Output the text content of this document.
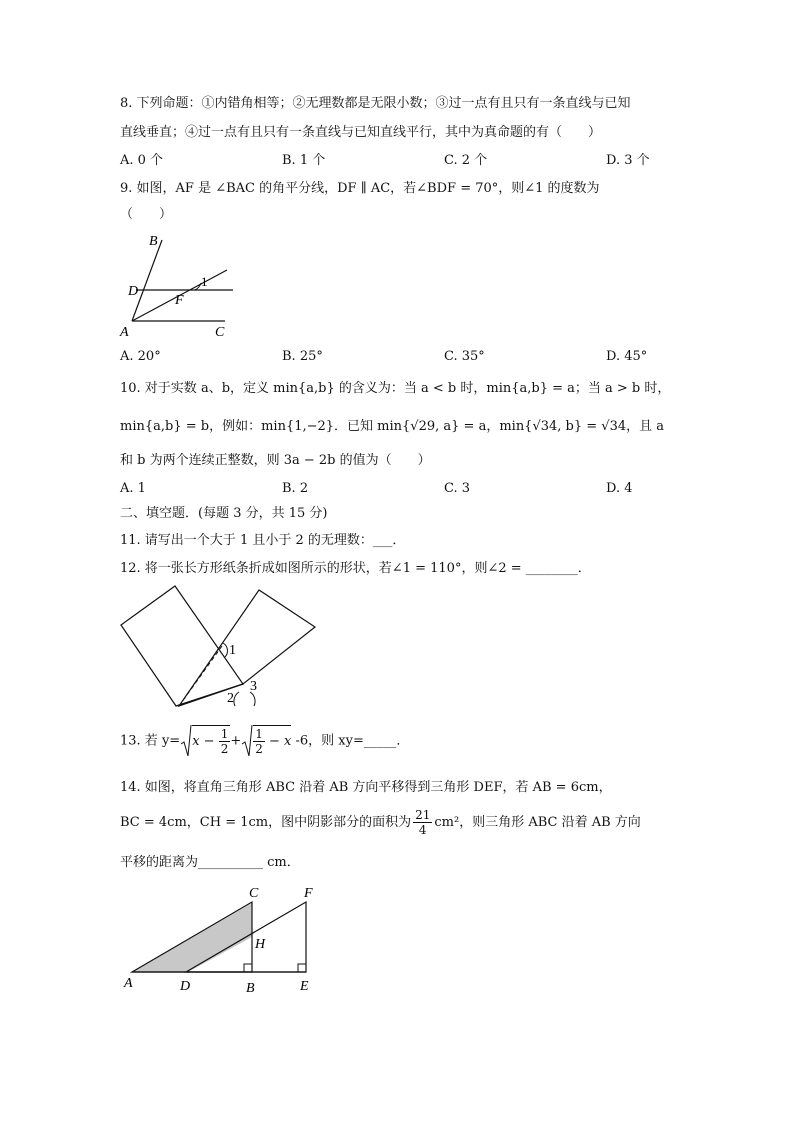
8. 下列命题：①内错角相等；②无理数都是无限小数；③过一点有且只有一条直线与已知
直线垂直；④过一点有且只有一条直线与已知直线平行，其中为真命题的有（　　）
A. 0 个	B. 1 个	C. 2 个	D. 3 个
9. 如图，AF 是 ∠BAC 的角平分线，DF ∥ AC，若∠BDF = 70°，则∠1 的度数为
（　　）
B
D
F
A	C
1
A. 20°	B. 25°	C. 35°	D. 45°
10. 对于实数 a、b，定义 min{a,b} 的含义为：当 a < b 时，min{a,b} = a；当 a > b 时，
min{a,b} = b，例如：min{1,−2}．已知 min{√29, a} = a，min{√34, b} = √34，且 a
和 b 为两个连续正整数，则 3a − 2b 的值为（　　）
A. 1	B. 2	C. 3	D. 4
二、填空题．(每题 3 分，共 15 分)
11. 请写出一个大于 1 且小于 2 的无理数：___．
12. 将一张长方形纸条折成如图所示的形状，若∠1 = 110°，则∠2 = ________．
1
2
3
13. 若 $y= x - \frac{1}{2} + \frac{1}{2} - x$ -6，则 xy=_____．
14. 如图，将直角三角形 ABC 沿着 AB 方向平移得到三角形 DEF，若 AB = 6cm，
BC = 4cm，CH = 1cm，图中阴影部分的面积为 $\frac{21}{4} cm^2$，则三角形 ABC 沿着 AB 方向
平移的距离为__________ cm．
A	D	B	E
C	F
H
